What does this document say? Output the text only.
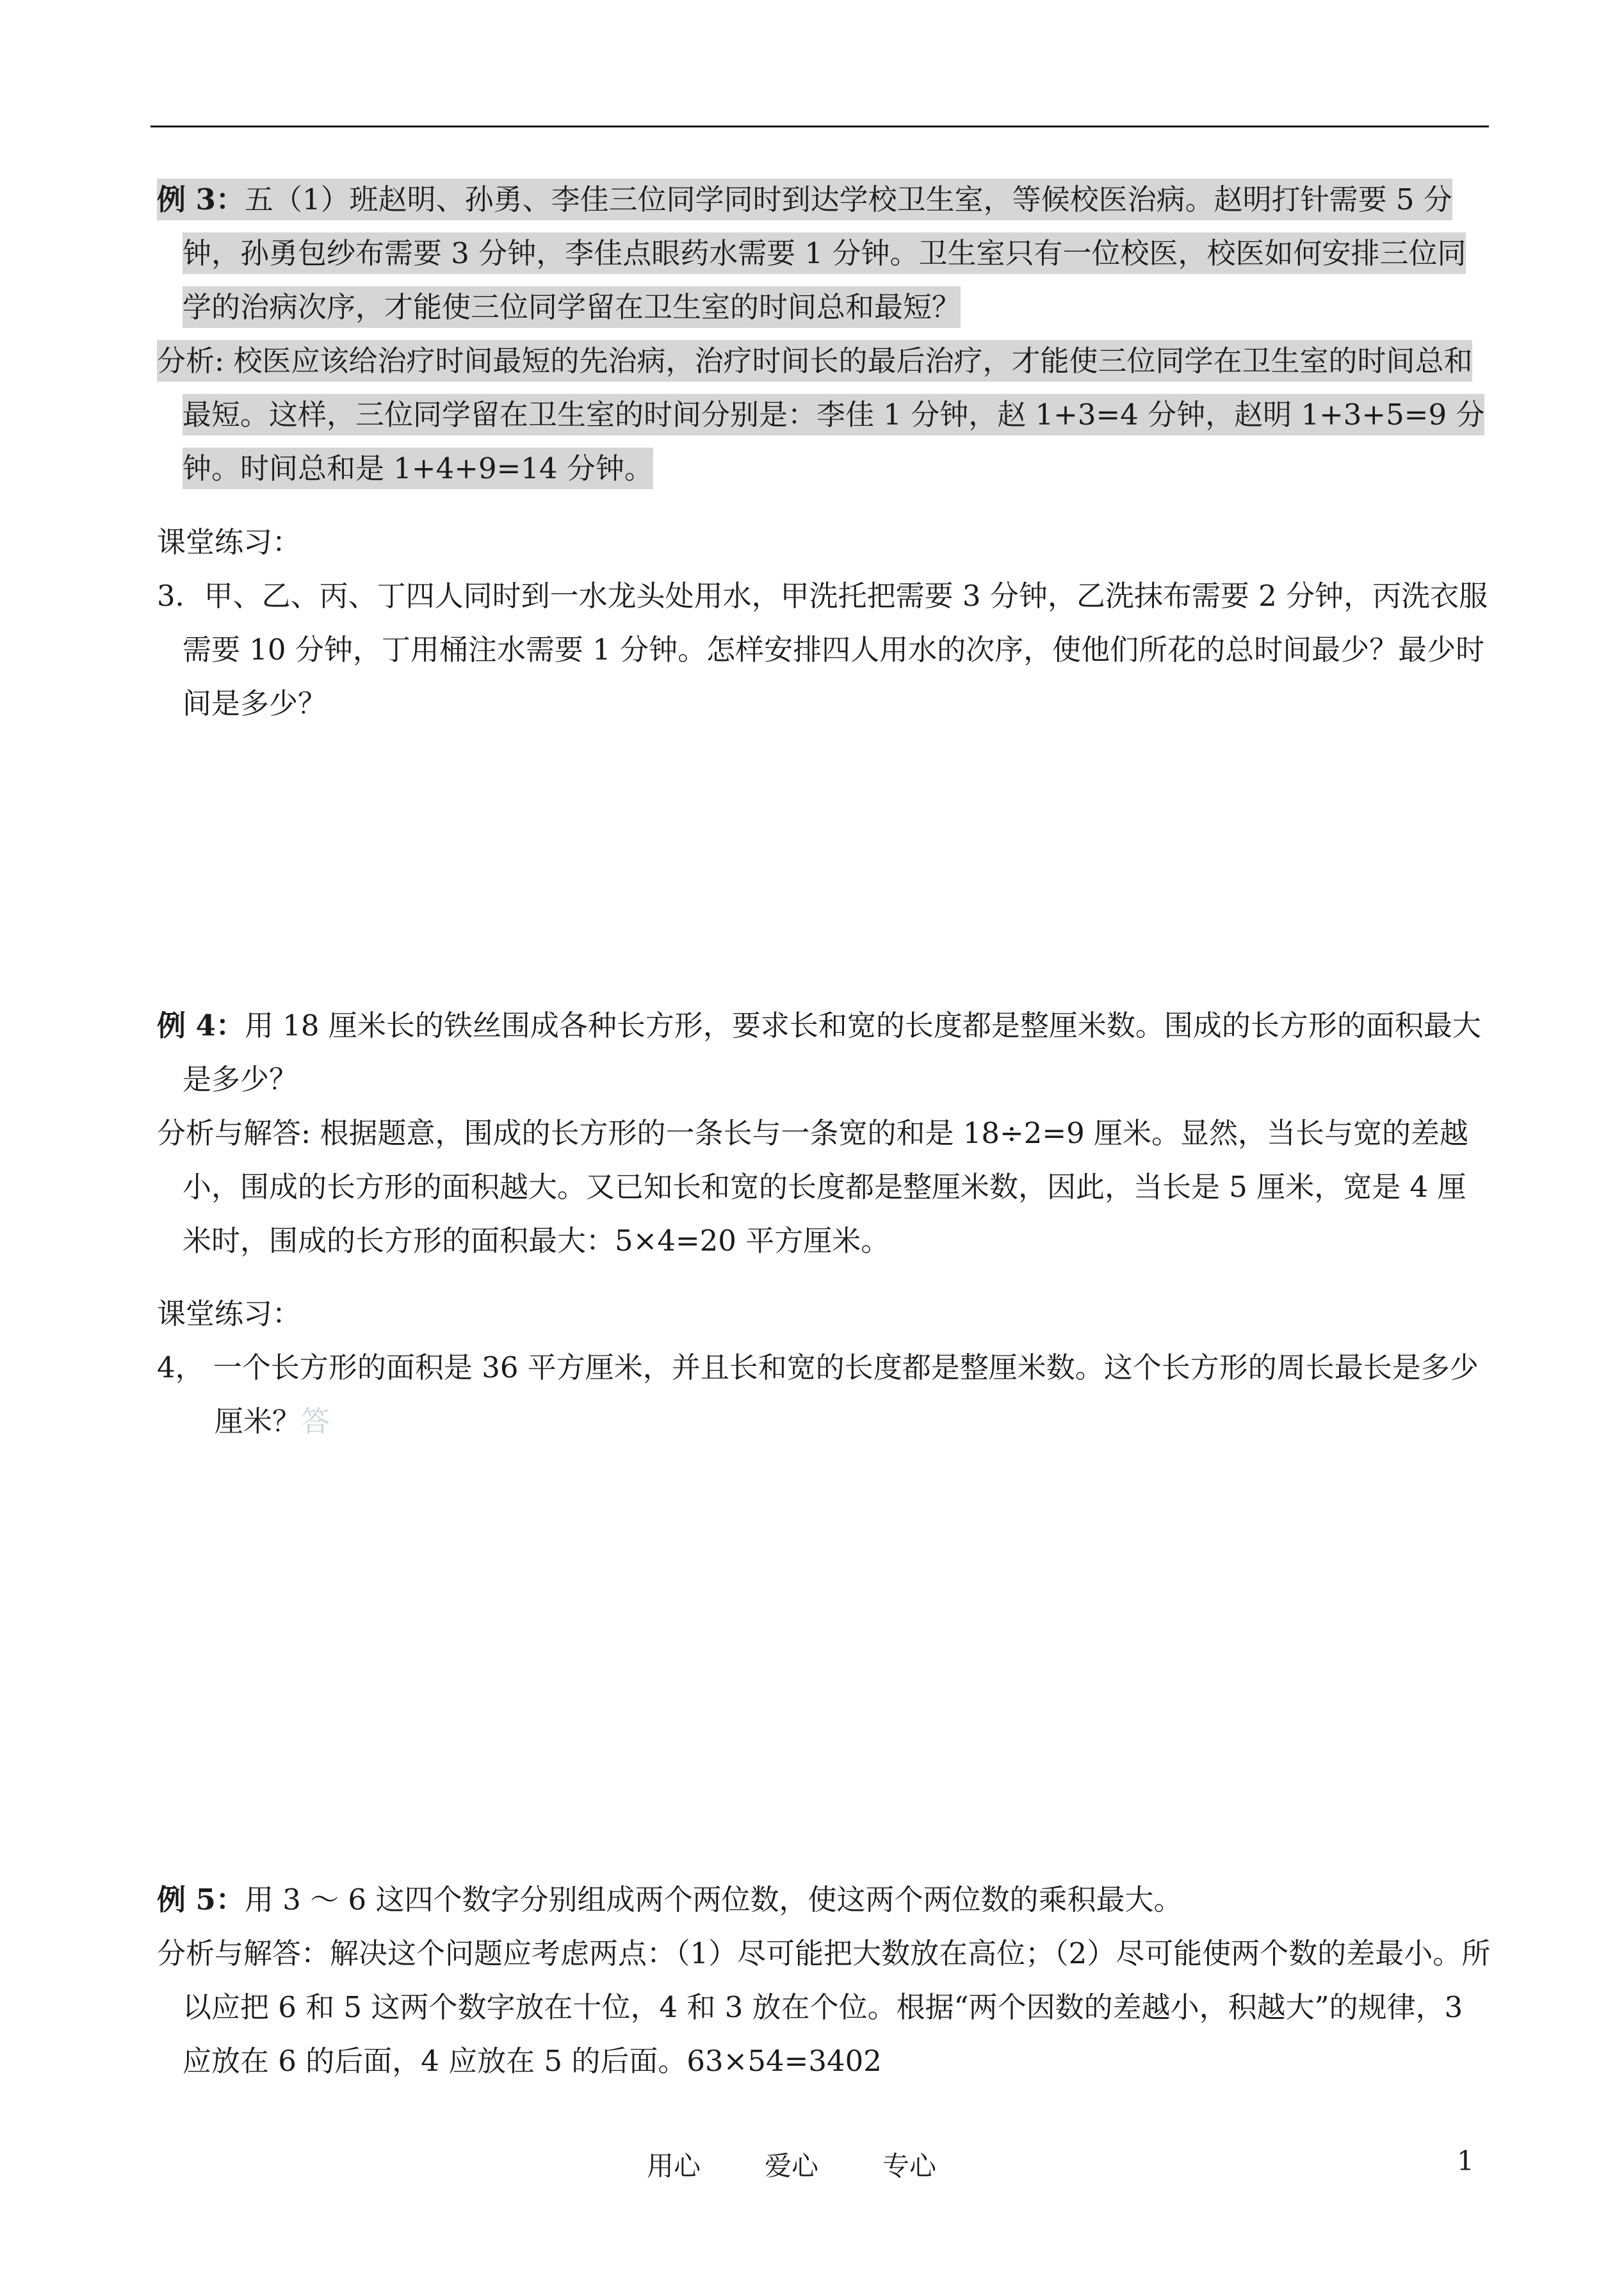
例 3：五（1）班赵明、孙勇、李佳三位同学同时到达学校卫生室，等候校医治病。赵明打针需要 5 分钟，孙勇包纱布需要 3 分钟，李佳点眼药水需要 1 分钟。卫生室只有一位校医，校医如何安排三位同学的治病次序，才能使三位同学留在卫生室的时间总和最短？

分析: 校医应该给治疗时间最短的先治病，治疗时间长的最后治疗，才能使三位同学在卫生室的时间总和最短。这样，三位同学留在卫生室的时间分别是：李佳 1 分钟，赵 1+3=4 分钟，赵明 1+3+5=9 分钟。时间总和是 1+4+9=14 分钟。

课堂练习：

3．甲、乙、丙、丁四人同时到一水龙头处用水，甲洗托把需要 3 分钟，乙洗抹布需要 2 分钟，丙洗衣服需要 10 分钟，丁用桶注水需要 1 分钟。怎样安排四人用水的次序，使他们所花的总时间最少？最少时间是多少？

例 4：用 18 厘米长的铁丝围成各种长方形，要求长和宽的长度都是整厘米数。围成的长方形的面积最大是多少？

分析与解答: 根据题意，围成的长方形的一条长与一条宽的和是 18÷2=9 厘米。显然，当长与宽的差越小，围成的长方形的面积越大。又已知长和宽的长度都是整厘米数，因此，当长是 5 厘米，宽是 4 厘米时，围成的长方形的面积最大：5×4=20 平方厘米。

课堂练习：

4， 一个长方形的面积是 36 平方厘米，并且长和宽的长度都是整厘米数。这个长方形的周长最长是多少厘米？答

例 5：用 3 ～ 6 这四个数字分别组成两个两位数，使这两个两位数的乘积最大。

分析与解答：解决这个问题应考虑两点：（1）尽可能把大数放在高位；（2）尽可能使两个数的差最小。所以应把 6 和 5 这两个数字放在十位，4 和 3 放在个位。根据“两个因数的差越小，积越大”的规律，3 应放在 6 的后面，4 应放在 5 的后面。63×54=3402

用心 爱心 专心	1
